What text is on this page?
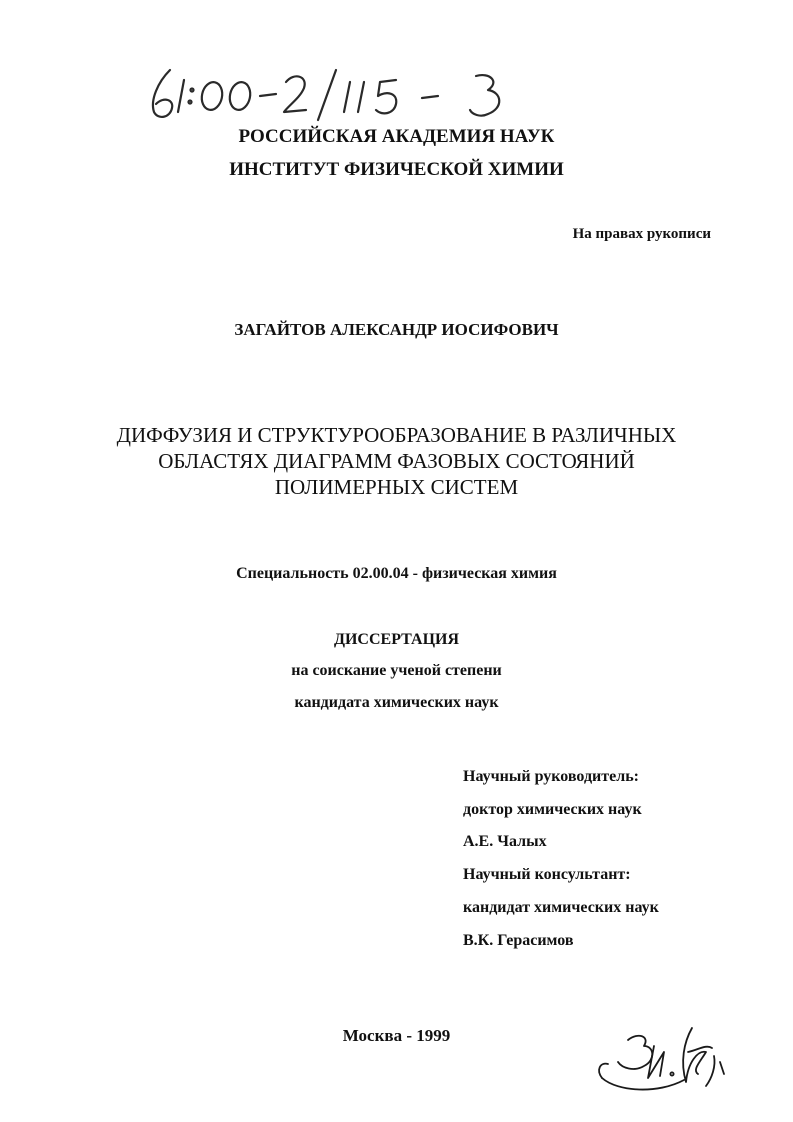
РОССИЙСКАЯ АКАДЕМИЯ НАУК
ИНСТИТУТ ФИЗИЧЕСКОЙ ХИМИИ
На правах рукописи
ЗАГАЙТОВ АЛЕКСАНДР ИОСИФОВИЧ
ДИФФУЗИЯ И СТРУКТУРООБРАЗОВАНИЕ В РАЗЛИЧНЫХ
ОБЛАСТЯХ ДИАГРАММ ФАЗОВЫХ СОСТОЯНИЙ
ПОЛИМЕРНЫХ СИСТЕМ
Специальность 02.00.04 - физическая химия
ДИССЕРТАЦИЯ
на соискание ученой степени
кандидата химических наук
Научный руководитель:
доктор химических наук
А.Е. Чалых
Научный консультант:
кандидат химических наук
В.К. Герасимов
Москва - 1999
